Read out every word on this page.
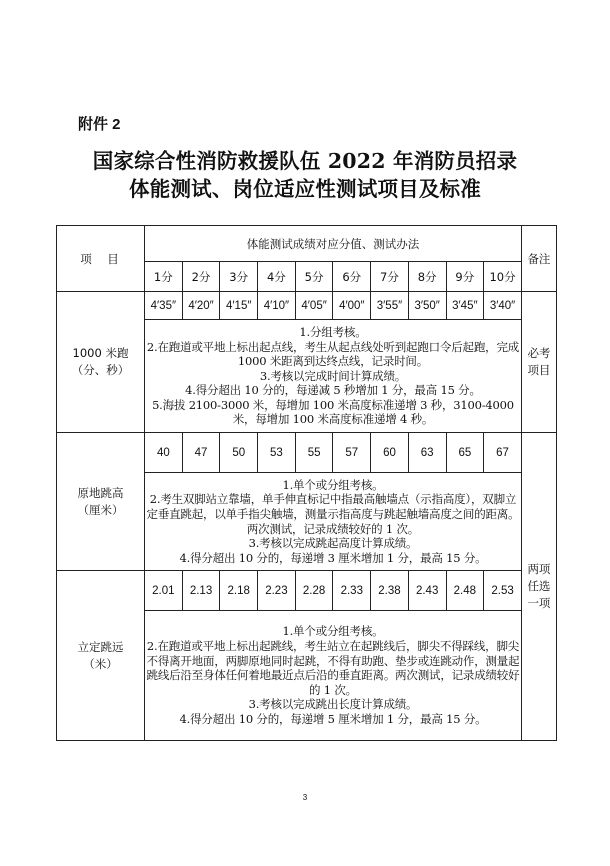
附件 2
国家综合性消防救援队伍 2022 年消防员招录
体能测试、岗位适应性测试项目及标准
项　目	体能测试成绩对应分值、测试办法										备注
	1分	2分	3分	4分	5分	6分	7分	8分	9分	10分	

1000 米跑
（分、秒）	4′35″	4′20″	4′15″	4′10″	4′05″	4′00″	3′55″	3′50″	3′45″	3′40″	必考项目

	1.分组考核。
2.在跑道或平地上标出起点线，考生从起点线处听到起跑口令后起跑，完成 1000 米距离到达终点线，记录时间。
3.考核以完成时间计算成绩。
4.得分超出 10 分的，每递减 5 秒增加 1 分，最高 15 分。
5.海拔 2100-3000 米，每增加 100 米高度标准递增 3 秒，3100-4000 米，每增加 100 米高度标准递增 4 秒。										

原地跳高
（厘米）	40	47	50	53	55	57	60	63	65	67	两项任选一项

	1.单个或分组考核。
2.考生双脚站立靠墙，单手伸直标记中指最高触墙点（示指高度），双脚立定垂直跳起，以单手指尖触墙，测量示指高度与跳起触墙高度之间的距离。两次测试，记录成绩较好的 1 次。
3.考核以完成跳起高度计算成绩。
4.得分超出 10 分的，每递增 3 厘米增加 1 分，最高 15 分。										

立定跳远
（米）	2.01	2.13	2.18	2.23	2.28	2.33	2.38	2.43	2.48	2.53	

	1.单个或分组考核。
2.在跑道或平地上标出起跳线，考生站立在起跳线后，脚尖不得踩线，脚尖不得离开地面，两脚原地同时起跳，不得有助跑、垫步或连跳动作，测量起跳线后沿至身体任何着地最近点后沿的垂直距离。两次测试，记录成绩较好的 1 次。
3.考核以完成跳出长度计算成绩。
4.得分超出 10 分的，每递增 5 厘米增加 1 分，最高 15 分。										
3
